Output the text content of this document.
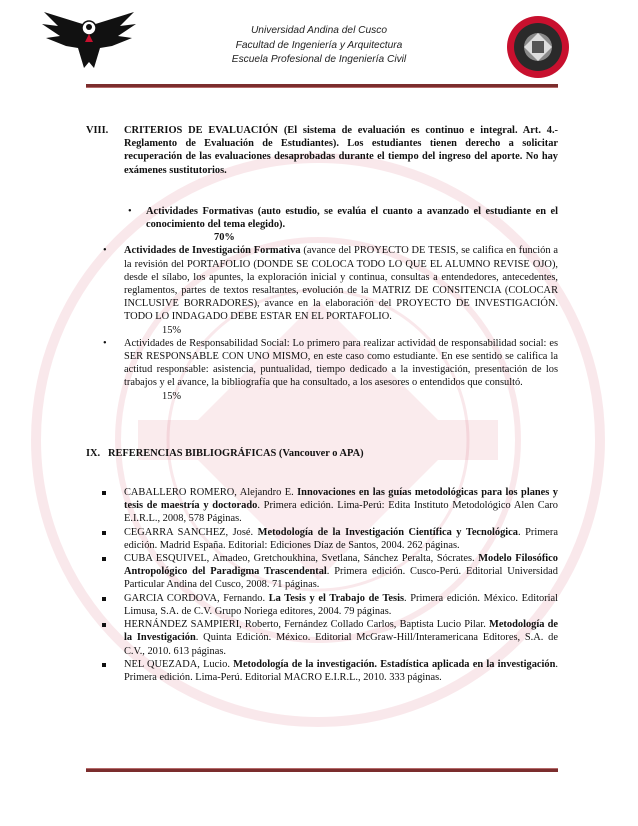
Universidad Andina del Cusco
Facultad de Ingeniería y Arquitectura
Escuela Profesional de Ingeniería Civil
VIII.	CRITERIOS DE EVALUACIÓN (El sistema de evaluación es continuo e integral. Art. 4.- Reglamento de Evaluación de Estudiantes). Los estudiantes tienen derecho a solicitar recuperación de las evaluaciones desaprobadas durante el tiempo del ingreso del aporte. No hay exámenes sustitutorios.
• Actividades Formativas (auto estudio, se evalúa el cuanto a avanzado el estudiante en el conocimiento del tema elegido).
70%
• Actividades de Investigación Formativa (avance del PROYECTO DE TESIS, se califica en función a la revisión del PORTAFOLIO (DONDE SE COLOCA TODO LO QUE EL ALUMNO REVISE OJO), desde el sílabo, los apuntes, la exploración inicial y continua, consultas a entendedores, antecedentes, reglamentos, partes de textos resaltantes, evolución de la MATRIZ DE CONSITENCIA (COLOCAR INCLUSIVE BORRADORES), avance en la elaboración del PROYECTO DE INVESTIGACIÓN. TODO LO INDAGADO DEBE ESTAR EN EL PORTAFOLIO.
15%
• Actividades de Responsabilidad Social: Lo primero para realizar actividad de responsabilidad social: es SER RESPONSABLE CON UNO MISMO, en este caso como estudiante. En ese sentido se califica la actitud responsable: asistencia, puntualidad, tiempo dedicado a la investigación, presentación de los trabajos y el avance, la bibliografía que ha consultado, a los asesores o entendidos que consultó.
15%
IX. REFERENCIAS BIBLIOGRÁFICAS (Vancouver o APA)
CABALLERO ROMERO, Alejandro E. Innovaciones en las guías metodológicas para los planes y tesis de maestría y doctorado. Primera edición. Lima-Perú: Edita Instituto Metodológico Alen Caro E.I.R.L., 2008, 578 Páginas.
CEGARRA SANCHEZ, José. Metodología de la Investigación Científica y Tecnológica. Primera edición. Madrid España. Editorial: Ediciones Díaz de Santos, 2004. 262 páginas.
CUBA ESQUIVEL, Amadeo, Gretchoukhina, Svetlana, Sánchez Peralta, Sócrates. Modelo Filosófico Antropológico del Paradigma Trascendental. Primera edición. Cusco-Perú. Editorial Universidad Particular Andina del Cusco, 2008. 71 páginas.
GARCIA CORDOVA, Fernando. La Tesis y el Trabajo de Tesis. Primera edición. México. Editorial Limusa, S.A. de C.V. Grupo Noriega editores, 2004. 79 páginas.
HERNÁNDEZ SAMPIERI, Roberto, Fernández Collado Carlos, Baptista Lucio Pilar. Metodología de la Investigación. Quinta Edición. México. Editorial McGraw-Hill/Interamericana Editores, S.A. de C.V., 2010. 613 páginas.
NEL QUEZADA, Lucio. Metodología de la investigación. Estadística aplicada en la investigación. Primera edición. Lima-Perú. Editorial MACRO E.I.R.L., 2010. 333 páginas.
